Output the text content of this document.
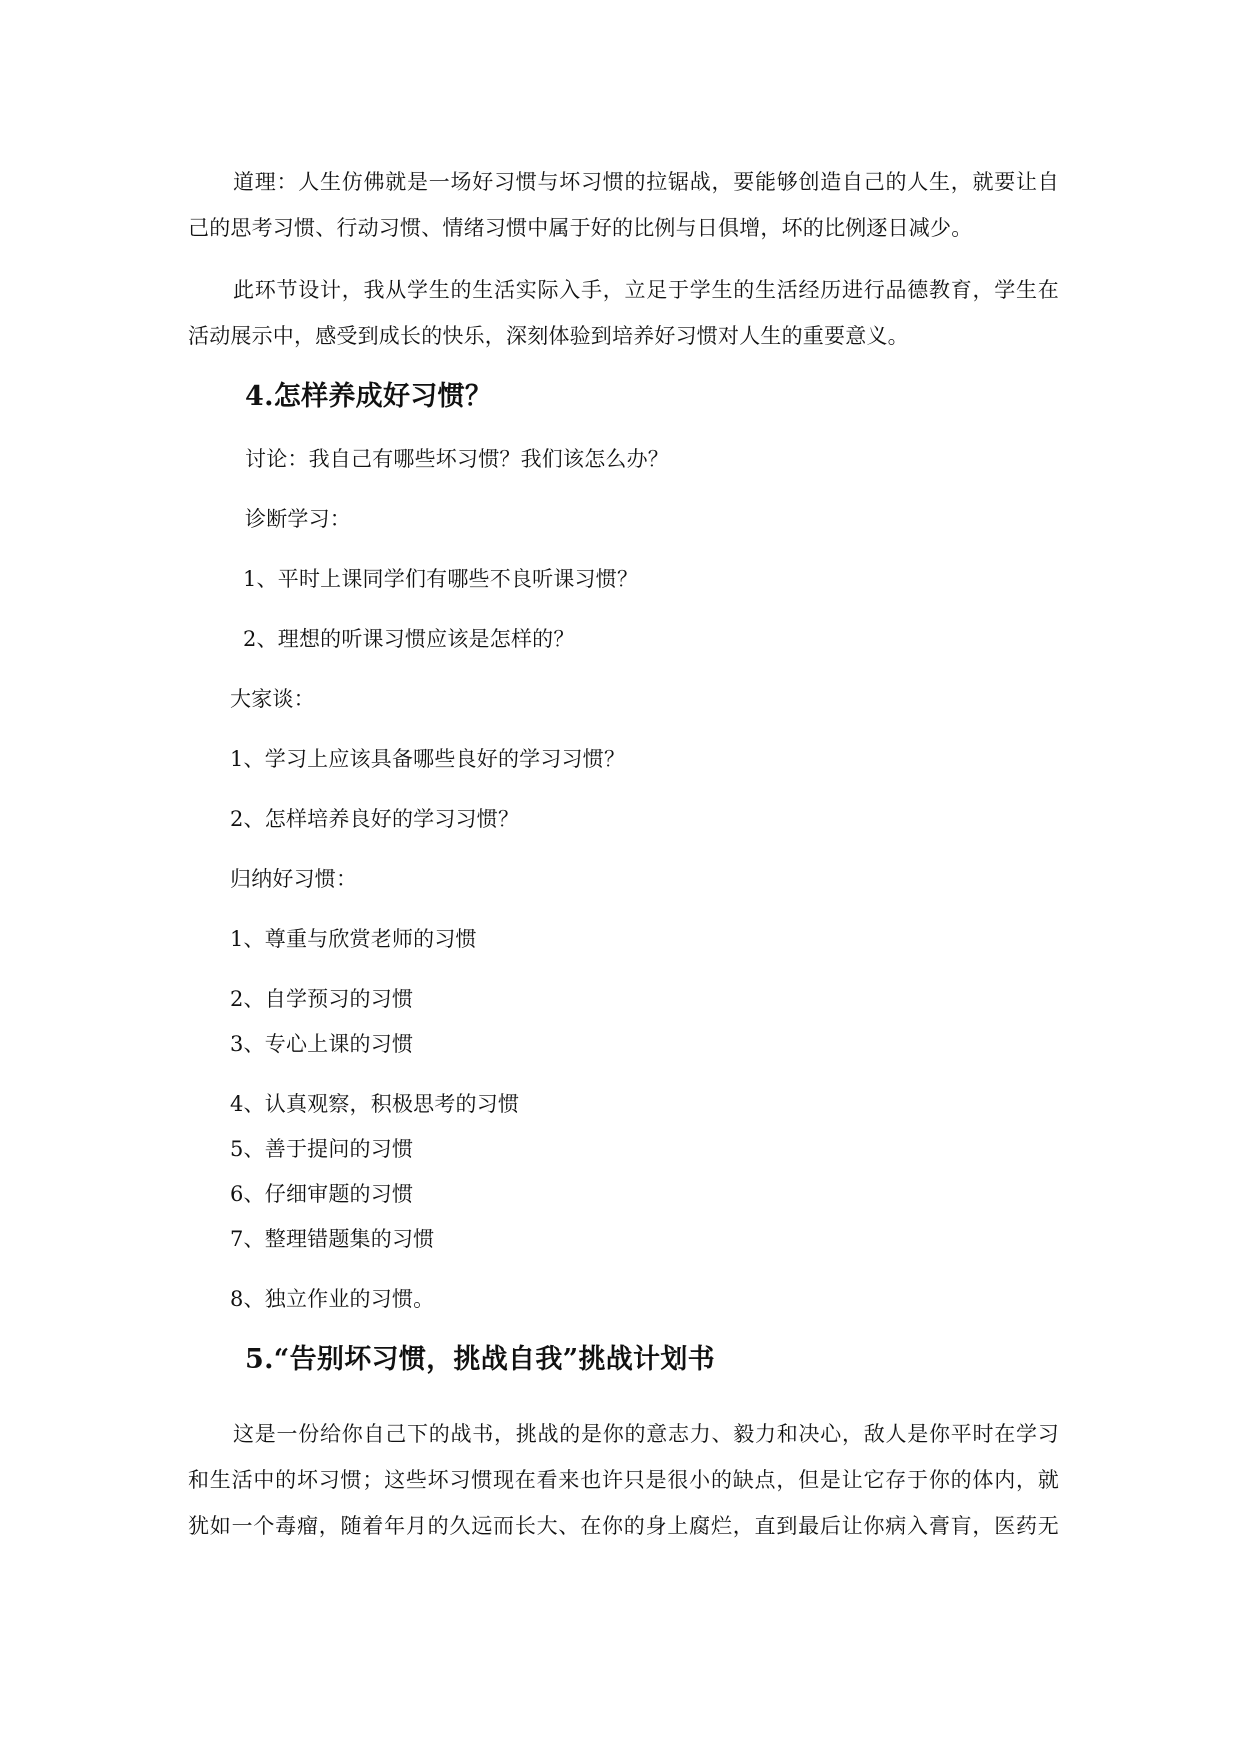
道理：人生仿佛就是一场好习惯与坏习惯的拉锯战，要能够创造自己的人生，就要让自
己的思考习惯、行动习惯、情绪习惯中属于好的比例与日俱增，坏的比例逐日减少。
此环节设计，我从学生的生活实际入手，立足于学生的生活经历进行品德教育，学生在
活动展示中，感受到成长的快乐，深刻体验到培养好习惯对人生的重要意义。
4.怎样养成好习惯？
讨论：我自己有哪些坏习惯？我们该怎么办？
诊断学习：
1、平时上课同学们有哪些不良听课习惯？
2、理想的听课习惯应该是怎样的？
大家谈：
1、学习上应该具备哪些良好的学习习惯？
2、怎样培养良好的学习习惯？
归纳好习惯：
1、尊重与欣赏老师的习惯
2、自学预习的习惯
3、专心上课的习惯
4、认真观察，积极思考的习惯
5、善于提问的习惯
6、仔细审题的习惯
7、整理错题集的习惯
8、独立作业的习惯。
5.“告别坏习惯，挑战自我”挑战计划书
这是一份给你自己下的战书，挑战的是你的意志力、毅力和决心，敌人是你平时在学习
和生活中的坏习惯；这些坏习惯现在看来也许只是很小的缺点，但是让它存于你的体内，就
犹如一个毒瘤，随着年月的久远而长大、在你的身上腐烂，直到最后让你病入膏肓，医药无
